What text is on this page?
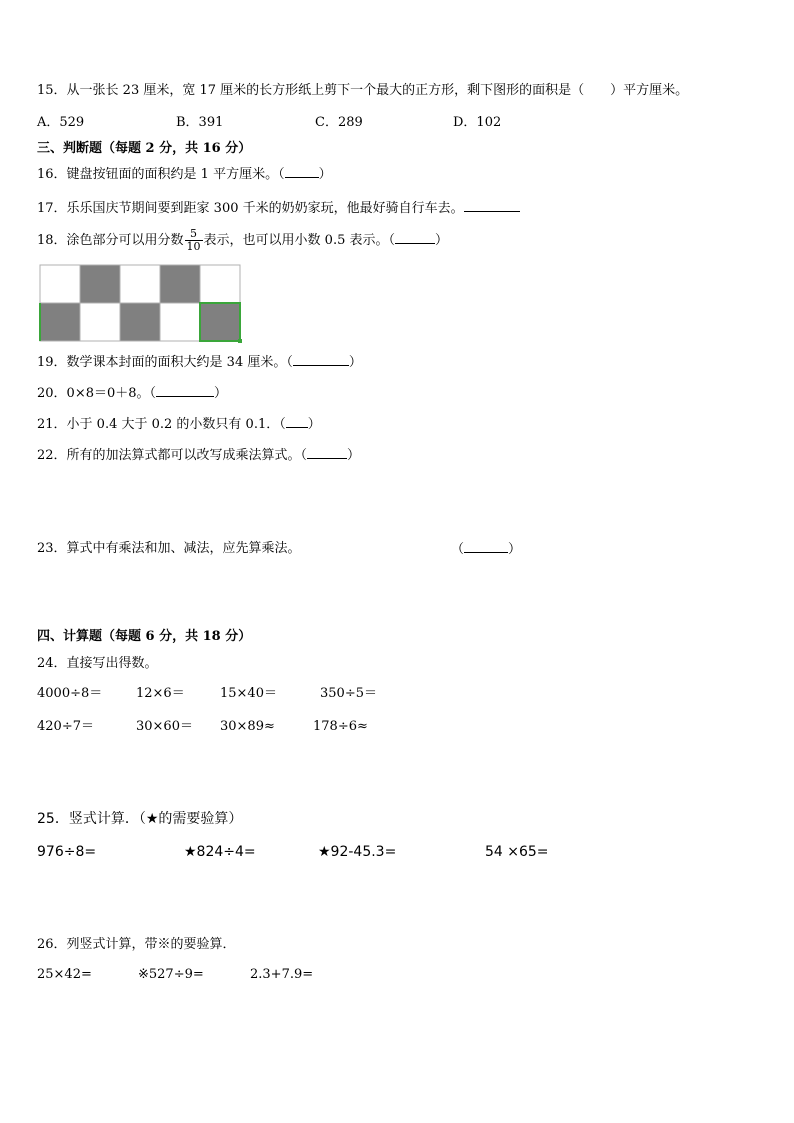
15．从一张长 23 厘米，宽 17 厘米的长方形纸上剪下一个最大的正方形，剩下图形的面积是（　　）平方厘米。
A．529	B．391	C．289	D．102
三、判断题（每题 2 分，共 16 分）
16．键盘按钮面的面积约是 1 平方厘米。（	）
17．乐乐国庆节期间要到距家 300 千米的奶奶家玩，他最好骑自行车去。
18．涂色部分可以用分数 $\frac{5}{10}$ 表示，也可以用小数 0.5 表示。（	）
19．数学课本封面的面积大约是 34 厘米。（	）
20．0×8＝0＋8。（	）
21．小于 0.4 大于 0.2 的小数只有 0.1．（ ）
22．所有的加法算式都可以改写成乘法算式。（	）
23．算式中有乘法和加、减法，应先算乘法。	（	）
四、计算题（每题 6 分，共 18 分）
24．直接写出得数。
4000÷8＝	12×6＝	15×40＝	350÷5＝
420÷7＝	30×60＝ 30×89≈	178÷6≈
25．竖式计算．（★的需要验算）
976÷8=	★824÷4=	★92-45.3=	54 ×65=
26．列竖式计算，带※的要验算．
25×42=	※527÷9=	2.3+7.9=
